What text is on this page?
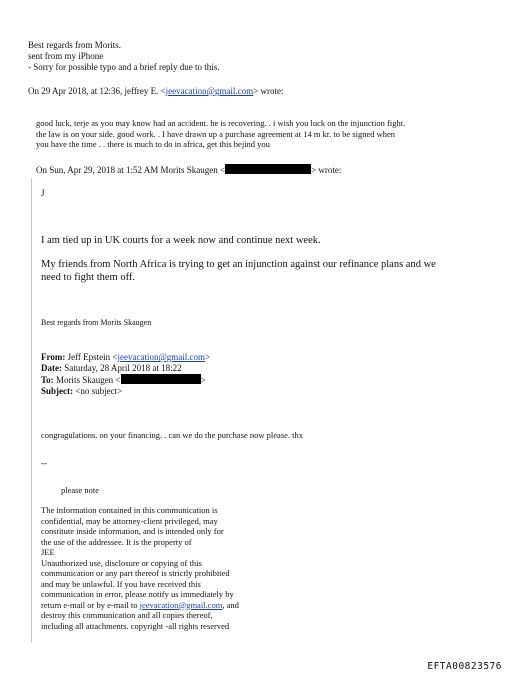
Best regards from Morits.
sent from my iPhone
- Sorry for possible typo and a brief reply due to this.
On 29 Apr 2018, at 12:36, jeffrey E. <jeevacation@gmail.com> wrote:
good luck, terje as you may know had an accident. he is recovering. . i wish you luck on the injunction fight.
the law is on your side. good work. . I have drawn up a purchase agreement at 14 m kr. to be signed when
you have the time . . there is much to do in africa, get this bejind you
On Sun, Apr 29, 2018 at 1:52 AM Morits Skaugen <	> wrote:
J
I am tied up in UK courts for a week now and continue next week.
My friends from North Africa is trying to get an injunction against our refinance plans and we
need to fight them off.
Best regards from Morits Skaugen
From: Jeff Epstein <jeevacation@gmail.com>
Date: Saturday, 28 April 2018 at 18:22
To: Morits Skaugen <	>
Subject: <no subject>
congragulations. on your financing. . can we do the purchase now please. thx
--
please note
The information contained in this communication is
confidential, may be attorney-client privileged, may
constitute inside information, and is intended only for
the use of the addressee. It is the property of
JEE
Unauthorized use, disclosure or copying of this
communication or any part thereof is strictly prohibited
and may be unlawful. If you have received this
communication in error, please notify us immediately by
return e-mail or by e-mail to jeevacation@gmail.com, and
destroy this communication and all copies thereof,
including all attachments. copyright -all rights reserved
EFTA00823576
